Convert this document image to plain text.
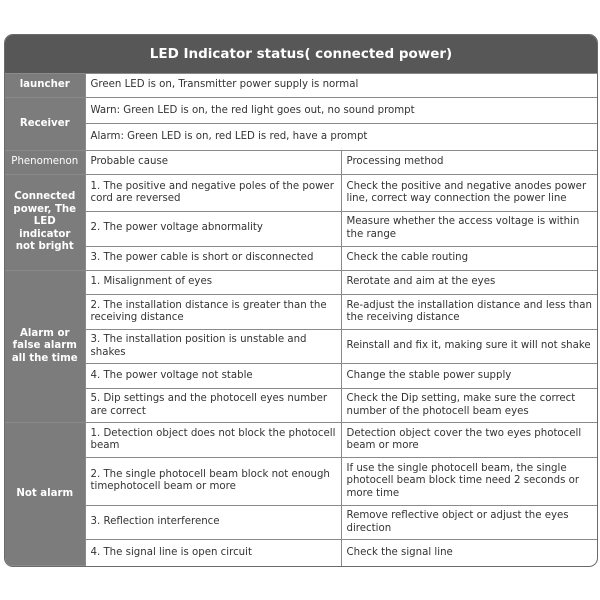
LED Indicator status( connected power)		
launcher	Green LED is on, Transmitter power supply is normal	
Receiver	Warn: Green LED is on, the red light goes out, no sound prompt	
	Alarm: Green LED is on, red LED is red, have a prompt	
Phenomenon	Probable cause	Processing method
Connected power, The LED indicator not bright	1. The positive and negative poles of the power cord are reversed	Check the positive and negative anodes power line, correct way connection the power line
	2. The power voltage abnormality	Measure whether the access voltage is within the range
	3. The power cable is short or disconnected	Check the cable routing
Alarm or false alarm all the time	1. Misalignment of eyes	Rerotate and aim at the eyes
	2. The installation distance is greater than the receiving distance	Re-adjust the installation distance and less than the receiving distance
	3. The installation position is unstable and shakes	Reinstall and fix it, making sure it will not shake
	4. The power voltage not stable	Change the stable power supply
	5. Dip settings and the photocell eyes number are correct	Check the Dip setting, make sure the correct number of the photocell beam eyes
Not alarm	1. Detection object does not block the photocell beam	Detection object cover the two eyes photocell beam or more
	2. The single photocell beam block not enough timephotocell beam or more	If use the single photocell beam, the single photocell beam block time need 2 seconds or more time
	3. Reflection interference	Remove reflective object or adjust the eyes direction
	4. The signal line is open circuit	Check the signal line
